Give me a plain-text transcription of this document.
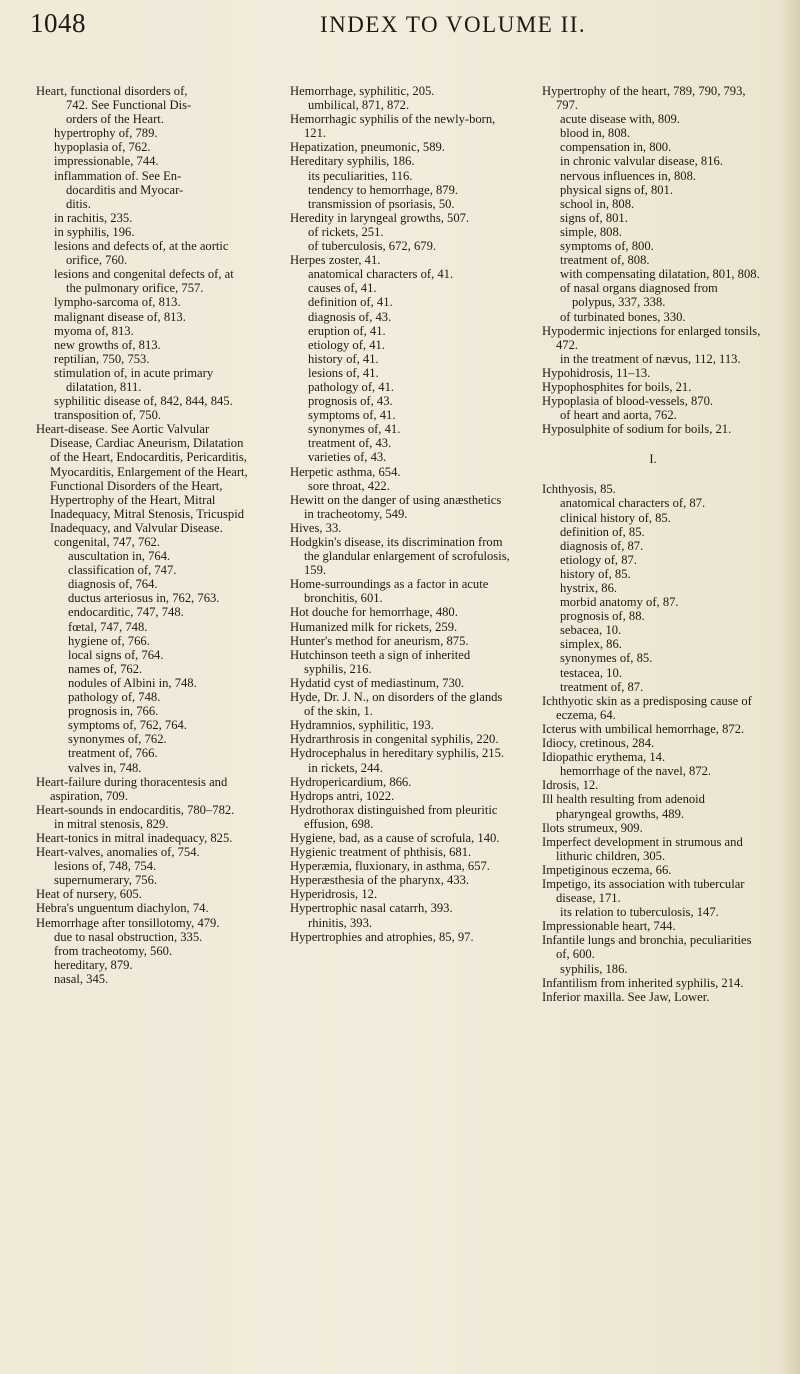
1048	INDEX TO VOLUME II.
Heart, functional disorders of,
742. See Functional Dis-
orders of the Heart.
hypertrophy of, 789.
hypoplasia of, 762.
impressionable, 744.
inflammation of. See En-
docarditis and Myocar-
ditis.
in rachitis, 235.
in syphilis, 196.
lesions and defects of, at the aortic orifice, 760.
lesions and congenital defects of, at the pulmonary orifice, 757.
lympho-sarcoma of, 813.
malignant disease of, 813.
myoma of, 813.
new growths of, 813.
reptilian, 750, 753.
stimulation of, in acute primary dilatation, 811.
syphilitic disease of, 842, 844, 845.
transposition of, 750.
Heart-disease. See Aortic Valvular Disease, Cardiac Aneurism, Dilatation of the Heart, Endocarditis, Pericarditis, Myocarditis, Enlargement of the Heart, Functional Disorders of the Heart, Hypertrophy of the Heart, Mitral Inadequacy, Mitral Stenosis, Tricuspid Inadequacy, and Valvular Disease.
congenital, 747, 762.
auscultation in, 764.
classification of, 747.
diagnosis of, 764.
ductus arteriosus in, 762, 763.
endocarditic, 747, 748.
fœtal, 747, 748.
hygiene of, 766.
local signs of, 764.
names of, 762.
nodules of Albini in, 748.
pathology of, 748.
prognosis in, 766.
symptoms of, 762, 764.
synonymes of, 762.
treatment of, 766.
valves in, 748.
Heart-failure during thoracentesis and aspiration, 709.
Heart-sounds in endocarditis, 780–782.
in mitral stenosis, 829.
Heart-tonics in mitral inadequacy, 825.
Heart-valves, anomalies of, 754.
lesions of, 748, 754.
supernumerary, 756.
Heat of nursery, 605.
Hebra's unguentum diachylon, 74.
Hemorrhage after tonsillotomy, 479.
due to nasal obstruction, 335.
from tracheotomy, 560.
hereditary, 879.
nasal, 345.
Hemorrhage, syphilitic, 205.
umbilical, 871, 872.
Hemorrhagic syphilis of the newly-born, 121.
Hepatization, pneumonic, 589.
Hereditary syphilis, 186.
its peculiarities, 116.
tendency to hemorrhage, 879.
transmission of psoriasis, 50.
Heredity in laryngeal growths, 507.
of rickets, 251.
of tuberculosis, 672, 679.
Herpes zoster, 41.
anatomical characters of, 41.
causes of, 41.
definition of, 41.
diagnosis of, 43.
eruption of, 41.
etiology of, 41.
history of, 41.
lesions of, 41.
pathology of, 41.
prognosis of, 43.
symptoms of, 41.
synonymes of, 41.
treatment of, 43.
varieties of, 43.
Herpetic asthma, 654.
sore throat, 422.
Hewitt on the danger of using anæsthetics in tracheotomy, 549.
Hives, 33.
Hodgkin's disease, its discrimination from the glandular enlargement of scrofulosis, 159.
Home-surroundings as a factor in acute bronchitis, 601.
Hot douche for hemorrhage, 480.
Humanized milk for rickets, 259.
Hunter's method for aneurism, 875.
Hutchinson teeth a sign of inherited syphilis, 216.
Hydatid cyst of mediastinum, 730.
Hyde, Dr. J. N., on disorders of the glands of the skin, 1.
Hydramnios, syphilitic, 193.
Hydrarthrosis in congenital syphilis, 220.
Hydrocephalus in hereditary syphilis, 215.
in rickets, 244.
Hydropericardium, 866.
Hydrops antri, 1022.
Hydrothorax distinguished from pleuritic effusion, 698.
Hygiene, bad, as a cause of scrofula, 140.
Hygienic treatment of phthisis, 681.
Hyperæmia, fluxionary, in asthma, 657.
Hyperæsthesia of the pharynx, 433.
Hyperidrosis, 12.
Hypertrophic nasal catarrh, 393.
rhinitis, 393.
Hypertrophies and atrophies, 85, 97.
Hypertrophy of the heart, 789, 790, 793, 797.
acute disease with, 809.
blood in, 808.
compensation in, 800.
in chronic valvular disease, 816.
nervous influences in, 808.
physical signs of, 801.
school in, 808.
signs of, 801.
simple, 808.
symptoms of, 800.
treatment of, 808.
with compensating dilatation, 801, 808.
of nasal organs diagnosed from polypus, 337, 338.
of turbinated bones, 330.
Hypodermic injections for enlarged tonsils, 472.
in the treatment of nævus, 112, 113.
Hypohidrosis, 11–13.
Hypophosphites for boils, 21.
Hypoplasia of blood-vessels, 870.
of heart and aorta, 762.
Hyposulphite of sodium for boils, 21.
I.
Ichthyosis, 85.
anatomical characters of, 87.
clinical history of, 85.
definition of, 85.
diagnosis of, 87.
etiology of, 87.
history of, 85.
hystrix, 86.
morbid anatomy of, 87.
prognosis of, 88.
sebacea, 10.
simplex, 86.
synonymes of, 85.
testacea, 10.
treatment of, 87.
Ichthyotic skin as a predisposing cause of eczema, 64.
Icterus with umbilical hemorrhage, 872.
Idiocy, cretinous, 284.
Idiopathic erythema, 14.
hemorrhage of the navel, 872.
Idrosis, 12.
Ill health resulting from adenoid pharyngeal growths, 489.
Ilots strumeux, 909.
Imperfect development in strumous and lithuric children, 305.
Impetiginous eczema, 66.
Impetigo, its association with tubercular disease, 171.
its relation to tuberculosis, 147.
Impressionable heart, 744.
Infantile lungs and bronchia, peculiarities of, 600.
syphilis, 186.
Infantilism from inherited syphilis, 214.
Inferior maxilla. See Jaw, Lower.
